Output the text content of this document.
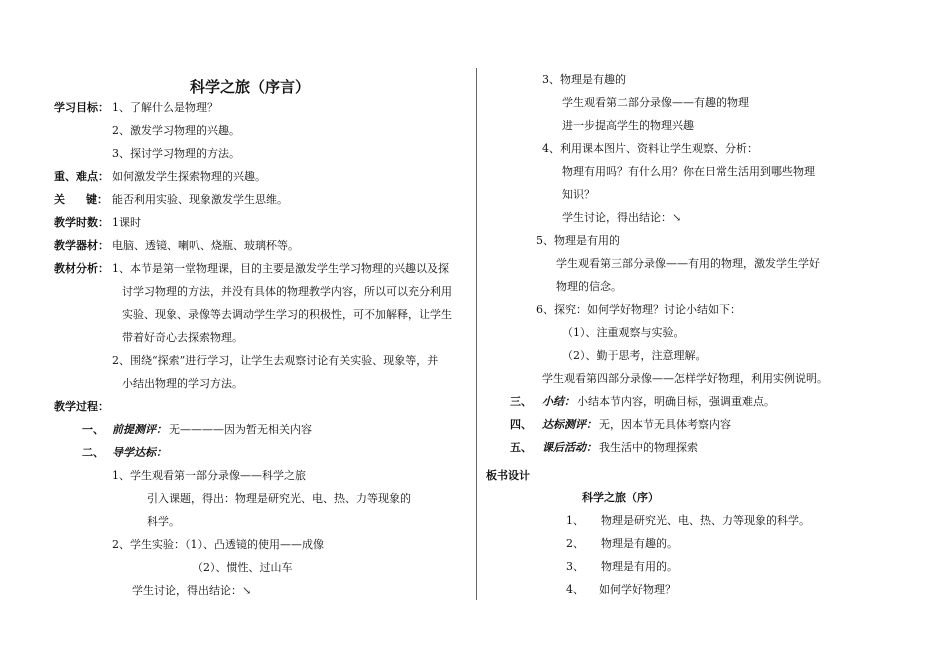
科学之旅（序言）
学习目标： 1、了解什么是物理？
2、激发学习物理的兴趣。
3、探讨学习物理的方法。
重、难点： 如何激发学生探索物理的兴趣。
关 键： 能否利用实验、现象激发学生思维。
教学时数： 1课时
教学器材： 电脑、透镜、喇叭、烧瓶、玻璃杯等。
教材分析： 1、本节是第一堂物理课，目的主要是激发学生学习物理的兴趣以及探
讨学习物理的方法，并没有具体的物理教学内容，所以可以充分利用
实验、现象、录像等去调动学生学习的积极性，可不加解释，让学生
带着好奇心去探索物理。
2、围绕“探索”进行学习，让学生去观察讨论有关实验、现象等，并
小结出物理的学习方法。
教学过程：
一、 前提测评： 无————因为暂无相关内容
二、 导学达标：
1、学生观看第一部分录像——科学之旅
引入课题，得出：物理是研究光、电、热、力等现象的
科学。
2、学生实验：（1）、凸透镜的使用——成像
（2）、惯性、过山车
学生讨论，得出结论：↘
3、物理是有趣的
学生观看第二部分录像——有趣的物理
进一步提高学生的物理兴趣
4、利用课本图片、资料让学生观察、分析：
物理有用吗？有什么用？你在日常生活用到哪些物理
知识？
学生讨论，得出结论：↘
5、物理是有用的
学生观看第三部分录像——有用的物理，激发学生学好
物理的信念。
6、探究：如何学好物理？讨论小结如下：
（1）、注重观察与实验。
（2）、勤于思考，注意理解。
学生观看第四部分录像——怎样学好物理，利用实例说明。
三、 小结： 小结本节内容，明确目标，强调重难点。
四、 达标测评： 无，因本节无具体考察内容
五、 课后活动： 我生活中的物理探索
板书设计
科学之旅（序）
1、 物理是研究光、电、热、力等现象的科学。
2、 物理是有趣的。
3、 物理是有用的。
4、 如何学好物理？
